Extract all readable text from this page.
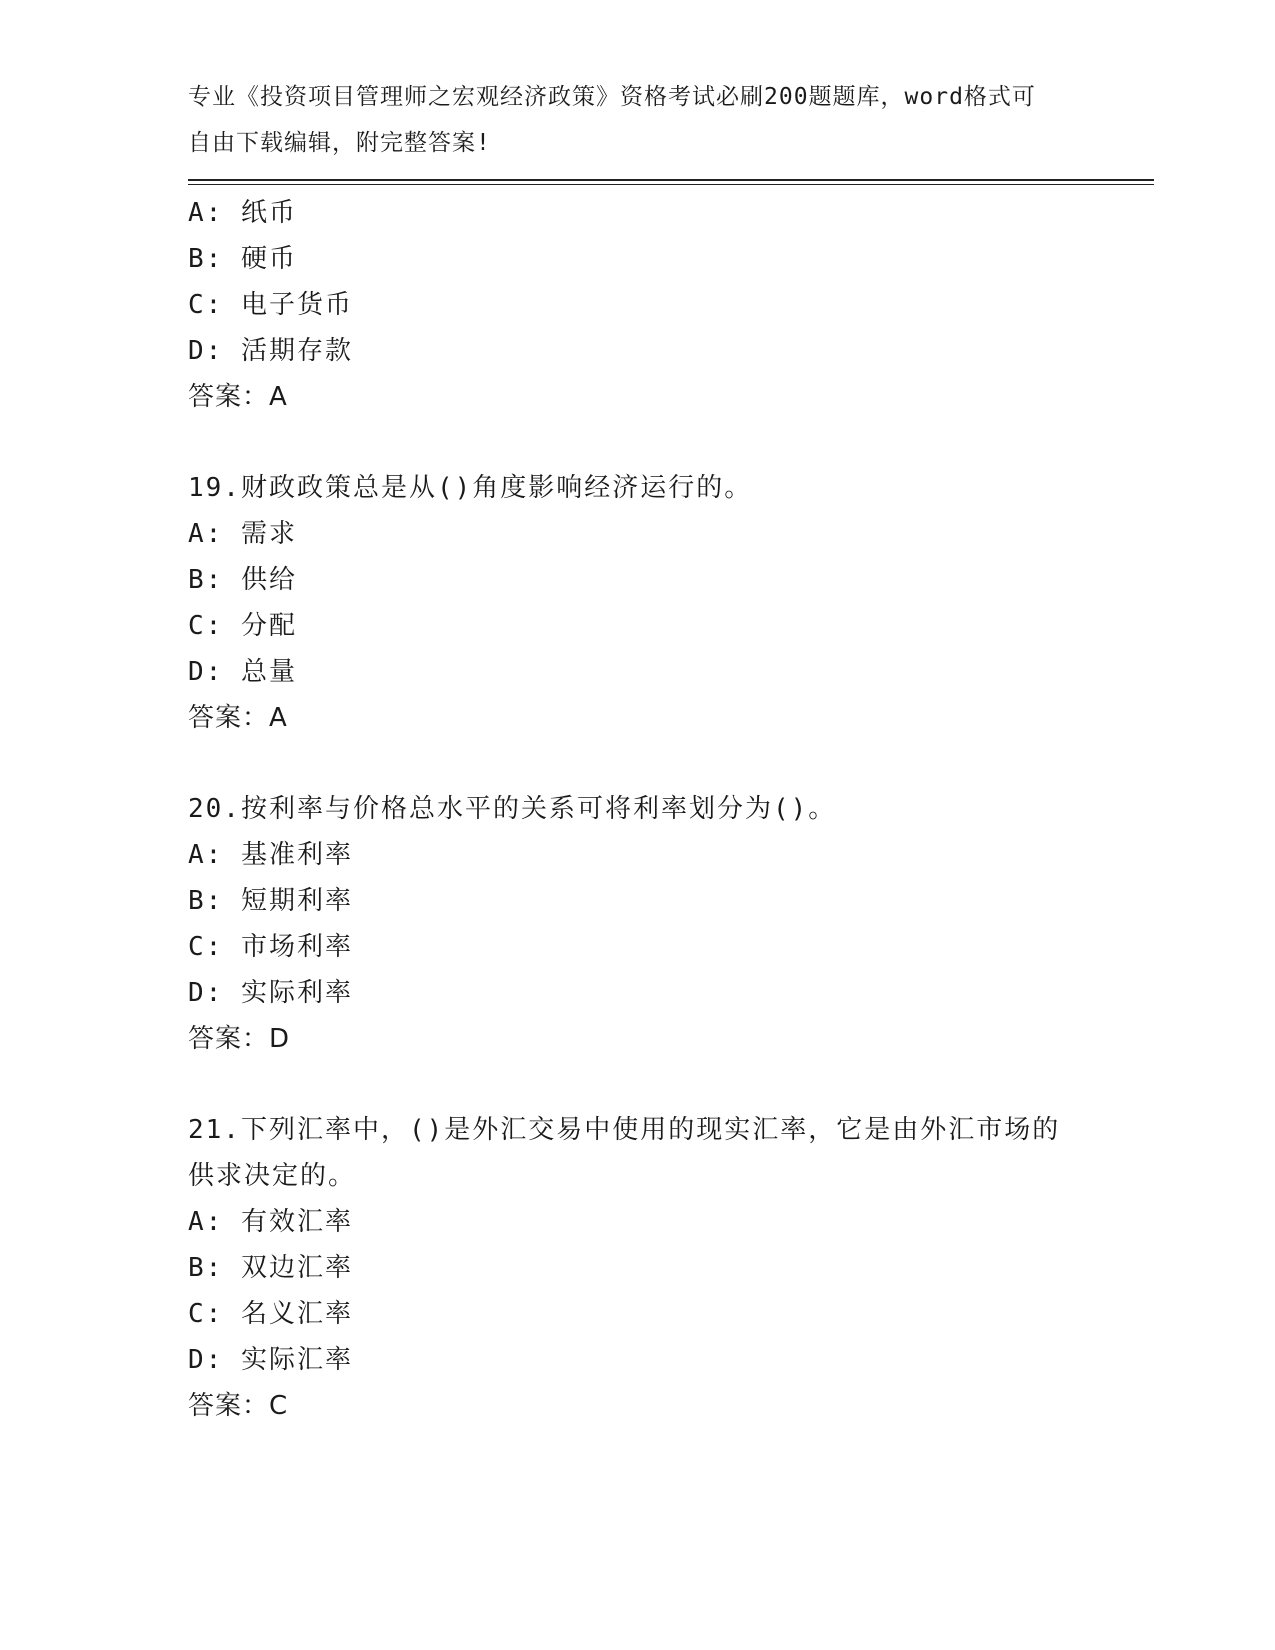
专业《投资项目管理师之宏观经济政策》资格考试必刷200题题库，word格式可
自由下载编辑，附完整答案!
A: 纸币
B: 硬币
C: 电子货币
D: 活期存款
答案：A
19.财政政策总是从()角度影响经济运行的。
A: 需求
B: 供给
C: 分配
D: 总量
答案：A
20.按利率与价格总水平的关系可将利率划分为()。
A: 基准利率
B: 短期利率
C: 市场利率
D: 实际利率
答案：D
21.下列汇率中，()是外汇交易中使用的现实汇率，它是由外汇市场的
供求决定的。
A: 有效汇率
B: 双边汇率
C: 名义汇率
D: 实际汇率
答案：C
